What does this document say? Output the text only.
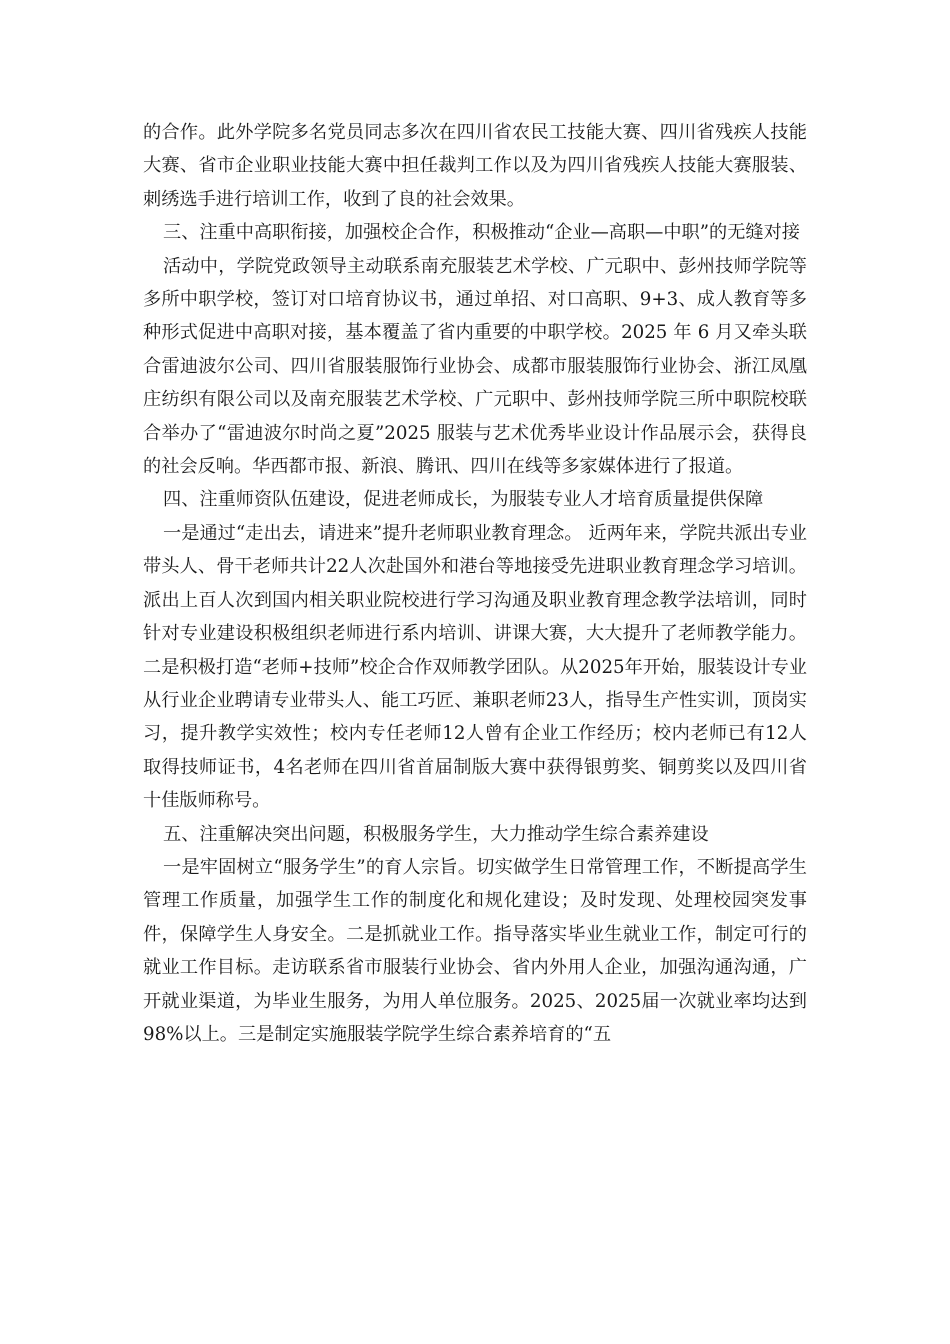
的合作。此外学院多名党员同志多次在四川省农民工技能大赛、四川省残疾人技能大赛、省市企业职业技能大赛中担任裁判工作以及为四川省残疾人技能大赛服装、刺绣选手进行培训工作，收到了良的社会效果。

三、注重中高职衔接，加强校企合作，积极推动“企业—高职—中职”的无缝对接

活动中，学院党政领导主动联系南充服装艺术学校、广元职中、彭州技师学院等多所中职学校，签订对口培育协议书，通过单招、对口高职、9+3、成人教育等多种形式促进中高职对接，基本覆盖了省内重要的中职学校。2025 年 6 月又牵头联合雷迪波尔公司、四川省服装服饰行业协会、成都市服装服饰行业协会、浙江凤凰庄纺织有限公司以及南充服装艺术学校、广元职中、彭州技师学院三所中职院校联合举办了“雷迪波尔时尚之夏”2025 服装与艺术优秀毕业设计作品展示会，获得良的社会反响。华西都市报、新浪、腾讯、四川在线等多家媒体进行了报道。

四、注重师资队伍建设，促进老师成长，为服装专业人才培育质量提供保障

一是通过“走出去，请进来”提升老师职业教育理念。 近两年来，学院共派出专业带头人、骨干老师共计22人次赴国外和港台等地接受先进职业教育理念学习培训。派出上百人次到国内相关职业院校进行学习沟通及职业教育理念教学法培训，同时针对专业建设积极组织老师进行系内培训、讲课大赛，大大提升了老师教学能力。二是积极打造“老师+技师”校企合作双师教学团队。从2025年开始，服装设计专业从行业企业聘请专业带头人、能工巧匠、兼职老师23人，指导生产性实训，顶岗实习，提升教学实效性；校内专任老师12人曾有企业工作经历；校内老师已有12人取得技师证书，4名老师在四川省首届制版大赛中获得银剪奖、铜剪奖以及四川省十佳版师称号。

五、注重解决突出问题，积极服务学生，大力推动学生综合素养建设

一是牢固树立“服务学生”的育人宗旨。切实做学生日常管理工作，不断提高学生管理工作质量，加强学生工作的制度化和规化建设；及时发现、处理校园突发事件，保障学生人身安全。二是抓就业工作。指导落实毕业生就业工作，制定可行的就业工作目标。走访联系省市服装行业协会、省内外用人企业，加强沟通沟通，广开就业渠道，为毕业生服务，为用人单位服务。2025、2025届一次就业率均达到98%以上。三是制定实施服装学院学生综合素养培育的“五
